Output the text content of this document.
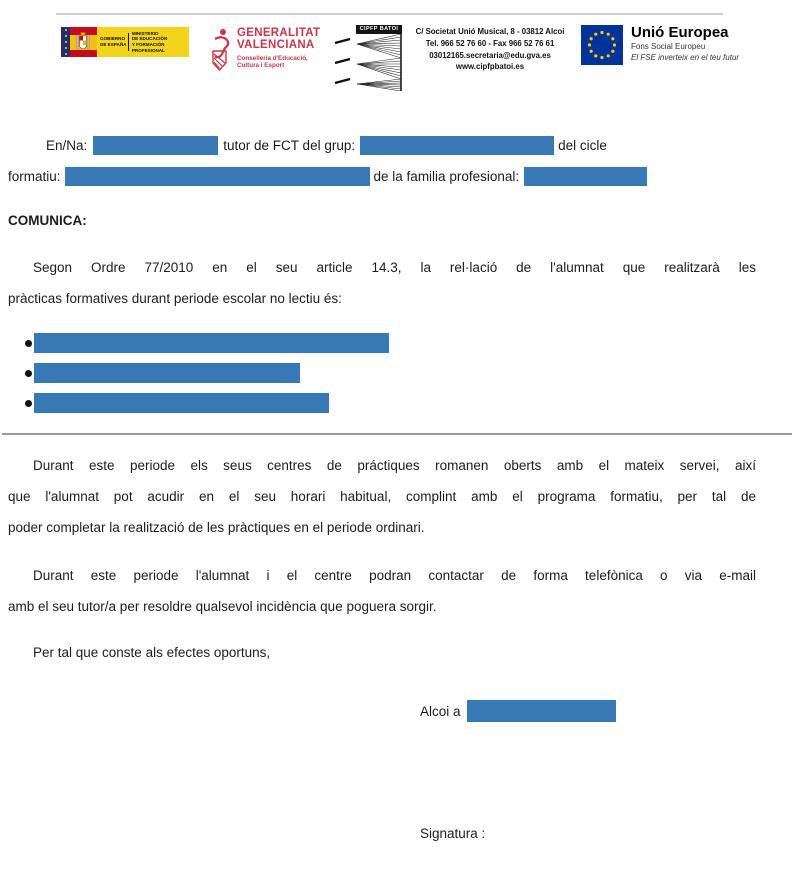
GOBIERNO
DE ESPAÑA
MINISTERIO
DE EDUCACIÓN
Y FORMACIÓN PROFESIONAL
GENERALITAT
VALENCIANA
Conselleria d'Educació,
Cultura i Esport
CIPFP BATOI	C/ Societat Unió Musical, 8 - 03812 Alcoi
Tel. 966 52 76 60 - Fax 966 52 76 61
03012165.secretaria@edu.gva.es
www.cipfpbatoi.es
Unió Europea
Fons Social Europeu
El FSE inverteix en el teu futur
En/Na:	tutor de FCT del grup:	del cicle
formatiu:	de la familia profesional:
COMUNICA:
Segon Ordre 77/2010 en el seu article 14.3, la rel·lació de l'alumnat que realitzarà les
pràcticas formatives durant periode escolar no lectiu és:
Durant este periode els seus centres de práctiques romanen oberts amb el mateix servei, així
que l'alumnat pot acudir en el seu horari habitual, complint amb el programa formatiu, per tal de
poder completar la realització de les pràctiques en el periode ordinari.
Durant este periode l'alumnat i el centre podran contactar de forma telefònica o via e-mail
amb el seu tutor/a per resoldre qualsevol incidència que poguera sorgir.
Per tal que conste als efectes oportuns,
Alcoi a
Signatura :
